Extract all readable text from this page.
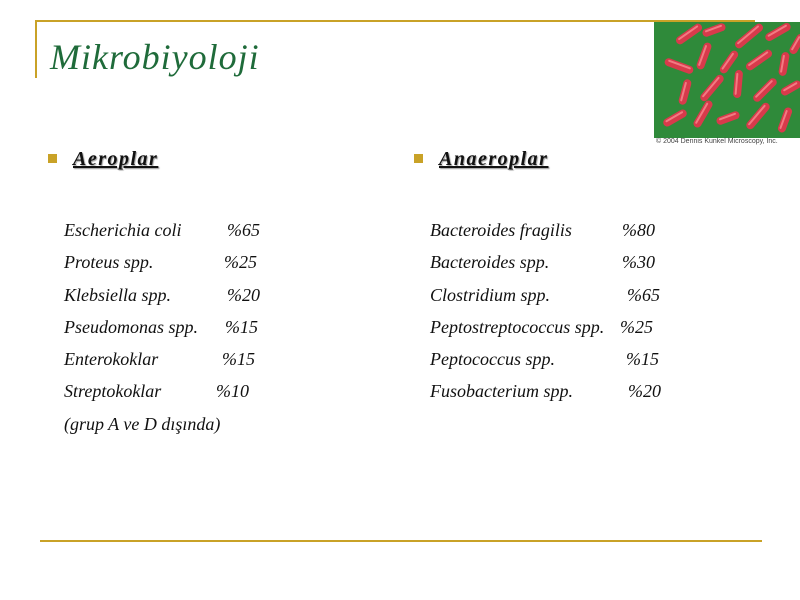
Mikrobiyoloji
© 2004 Dennis Kunkel Microscopy, Inc.
Aeroplar
Escherichia coli	%65
Proteus spp.	%25
Klebsiella spp.	%20
Pseudomonas spp. %15
Enterokoklar	%15
Streptokoklar	%10
(grup A ve D dışında)
Anaeroplar
Bacteroides fragilis	%80
Bacteroides spp.	%30
Clostridium spp.	%65
Peptostreptococcus spp. %25
Peptococcus spp.	%15
Fusobacterium spp.	%20
